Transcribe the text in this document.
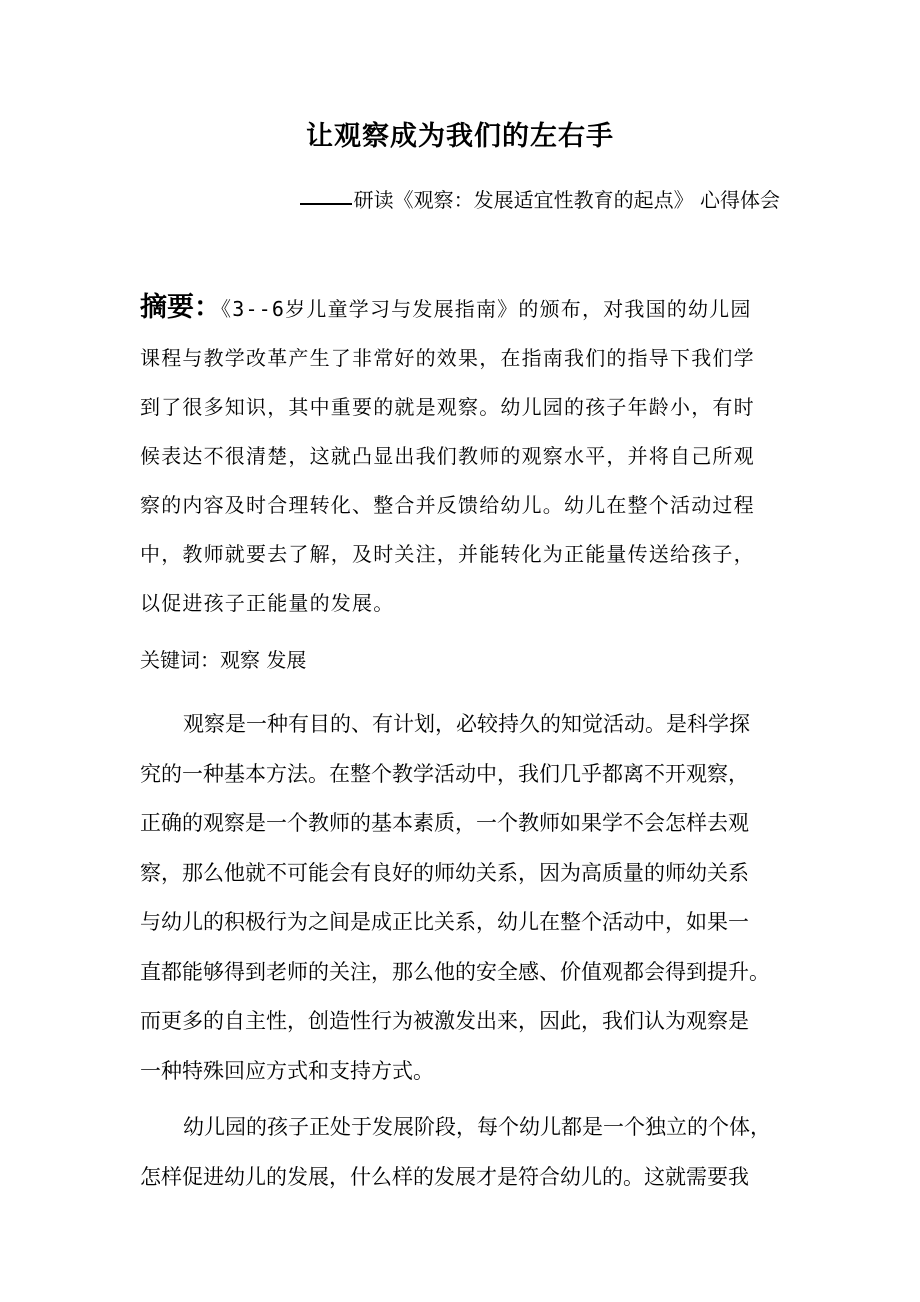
让观察成为我们的左右手
研读《观察：发展适宜性教育的起点》 心得体会
摘要：《3--6岁儿童学习与发展指南》的颁布，对我国的幼儿园
课程与教学改革产生了非常好的效果，在指南我们的指导下我们学
到了很多知识，其中重要的就是观察。幼儿园的孩子年龄小，有时
候表达不很清楚，这就凸显出我们教师的观察水平，并将自己所观
察的内容及时合理转化、整合并反馈给幼儿。幼儿在整个活动过程
中，教师就要去了解，及时关注，并能转化为正能量传送给孩子，
以促进孩子正能量的发展。
关键词：观察 发展
观察是一种有目的、有计划，必较持久的知觉活动。是科学探
究的一种基本方法。在整个教学活动中，我们几乎都离不开观察，
正确的观察是一个教师的基本素质，一个教师如果学不会怎样去观
察，那么他就不可能会有良好的师幼关系，因为高质量的师幼关系
与幼儿的积极行为之间是成正比关系，幼儿在整个活动中，如果一
直都能够得到老师的关注，那么他的安全感、价值观都会得到提升。
而更多的自主性，创造性行为被激发出来，因此，我们认为观察是
一种特殊回应方式和支持方式。
幼儿园的孩子正处于发展阶段，每个幼儿都是一个独立的个体，
怎样促进幼儿的发展，什么样的发展才是符合幼儿的。这就需要我
